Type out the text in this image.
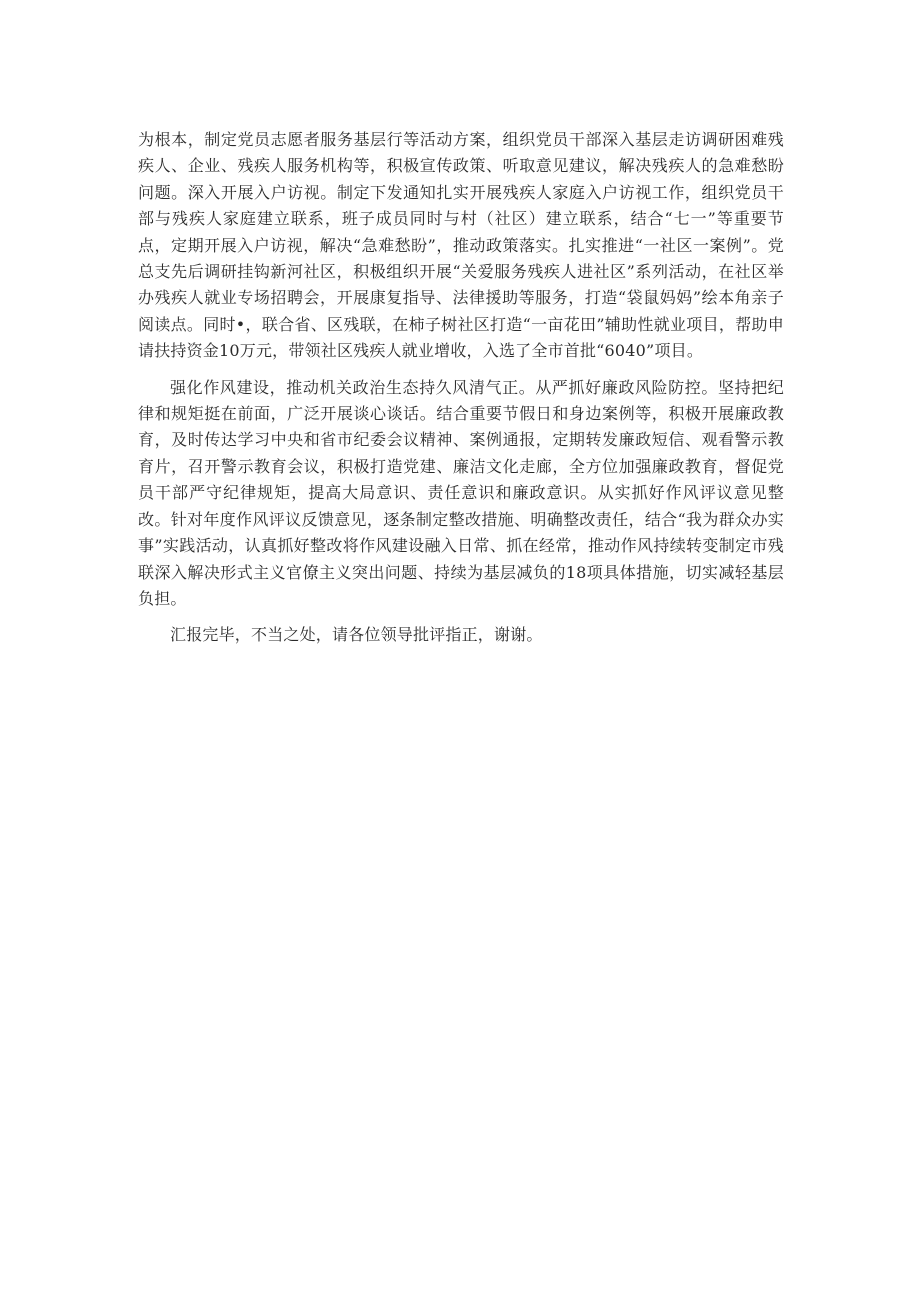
为根本，制定党员志愿者服务基层行等活动方案，组织党员干部深入基层走访调研困难残疾人、企业、残疾人服务机构等，积极宣传政策、听取意见建议，解决残疾人的急难愁盼问题。深入开展入户访视。制定下发通知扎实开展残疾人家庭入户访视工作，组织党员干部与残疾人家庭建立联系，班子成员同时与村（社区）建立联系，结合“七一”等重要节点，定期开展入户访视，解决“急难愁盼”，推动政策落实。扎实推进“一社区一案例”。党总支先后调研挂钩新河社区，积极组织开展“关爱服务残疾人进社区”系列活动，在社区举办残疾人就业专场招聘会，开展康复指导、法律援助等服务，打造“袋鼠妈妈”绘本角亲子阅读点。同时•，联合省、区残联，在柿子树社区打造“一亩花田”辅助性就业项目，帮助申请扶持资金10万元，带领社区残疾人就业增收，入选了全市首批“6040”项目。

强化作风建设，推动机关政治生态持久风清气正。从严抓好廉政风险防控。坚持把纪律和规矩挺在前面，广泛开展谈心谈话。结合重要节假日和身边案例等，积极开展廉政教育，及时传达学习中央和省市纪委会议精神、案例通报，定期转发廉政短信、观看警示教育片，召开警示教育会议，积极打造党建、廉洁文化走廊，全方位加强廉政教育，督促党员干部严守纪律规矩，提高大局意识、责任意识和廉政意识。从实抓好作风评议意见整改。针对年度作风评议反馈意见，逐条制定整改措施、明确整改责任，结合“我为群众办实事”实践活动，认真抓好整改将作风建设融入日常、抓在经常，推动作风持续转变制定市残联深入解决形式主义官僚主义突出问题、持续为基层减负的18项具体措施，切实减轻基层负担。

汇报完毕，不当之处，请各位领导批评指正，谢谢。
